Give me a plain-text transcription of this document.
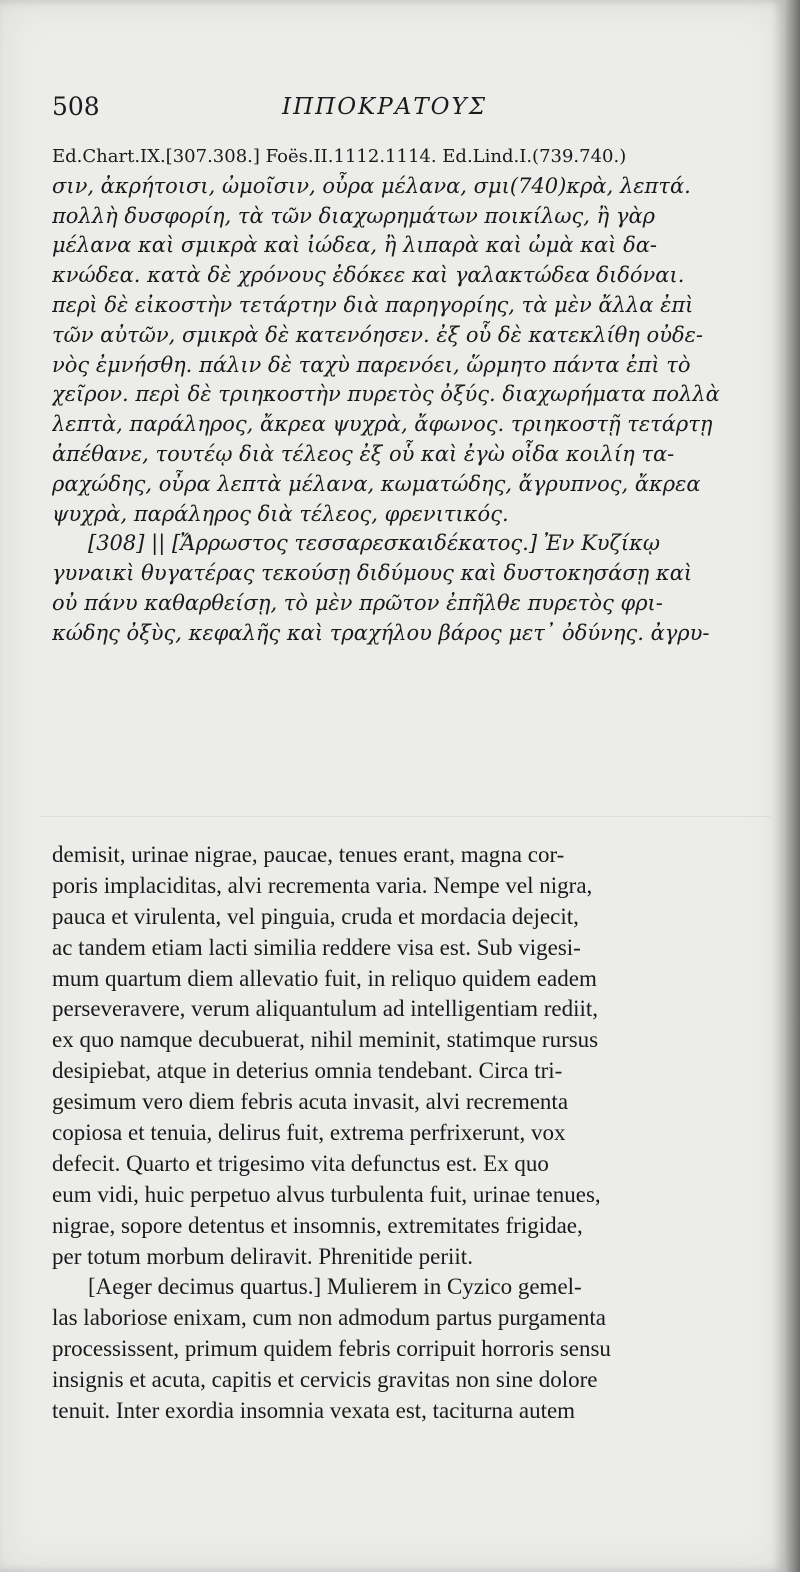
508	ΙΠΠΟΚΡΑΤΟΥΣ
Ed.Chart.IX.[307.308.] Foës.II.1112.1114. Ed.Lind.I.(739.740.)
σιν, ἀκρήτοισι, ὠμοῖσιν, οὖρα μέλανα, σμι(740)κρὰ, λεπτά.
πολλὴ δυσφορίη, τὰ τῶν διαχωρημάτων ποικίλως, ἢ γὰρ
μέλανα καὶ σμικρὰ καὶ ἰώδεα, ἢ λιπαρὰ καὶ ὠμὰ καὶ δα-
κνώδεα. κατὰ δὲ χρόνους ἐδόκεε καὶ γαλακτώδεα διδόναι.
περὶ δὲ εἰκοστὴν τετάρτην διὰ παρηγορίης, τὰ μὲν ἄλλα ἐπὶ
τῶν αὐτῶν, σμικρὰ δὲ κατενόησεν. ἐξ οὗ δὲ κατεκλίθη οὐδε-
νὸς ἐμνήσθη. πάλιν δὲ ταχὺ παρενόει, ὥρμητο πάντα ἐπὶ τὸ
χεῖρον. περὶ δὲ τριηκοστὴν πυρετὸς ὀξύς. διαχωρήματα πολλὰ
λεπτὰ, παράληρος, ἄκρεα ψυχρὰ, ἄφωνος. τριηκοστῇ τετάρτῃ
ἀπέθανε, τουτέῳ διὰ τέλεος ἐξ οὗ καὶ ἐγὼ οἶδα κοιλίη τα-
ραχώδης, οὖρα λεπτὰ μέλανα, κωματώδης, ἄγρυπνος, ἄκρεα
ψυχρὰ, παράληρος διὰ τέλεος, φρενιτικός.
[308] || [Ἄρρωστος τεσσαρεσκαιδέκατος.] Ἐν Κυζίκῳ
γυναικὶ θυγατέρας τεκούσῃ διδύμους καὶ δυστοκησάσῃ καὶ
οὐ πάνυ καθαρθείσῃ, τὸ μὲν πρῶτον ἐπῆλθε πυρετὸς φρι-
κώδης ὀξὺς, κεφαλῆς καὶ τραχήλου βάρος μετ᾽ ὀδύνης. ἀγρυ-
demisit, urinae nigrae, paucae, tenues erant, magna cor-
poris implaciditas, alvi recrementa varia. Nempe vel nigra,
pauca et virulenta, vel pinguia, cruda et mordacia dejecit,
ac tandem etiam lacti similia reddere visa est. Sub vigesi-
mum quartum diem allevatio fuit, in reliquo quidem eadem
perseveravere, verum aliquantulum ad intelligentiam rediit,
ex quo namque decubuerat, nihil meminit, statimque rursus
desipiebat, atque in deterius omnia tendebant. Circa tri-
gesimum vero diem febris acuta invasit, alvi recrementa
copiosa et tenuia, delirus fuit, extrema perfrixerunt, vox
defecit. Quarto et trigesimo vita defunctus est. Ex quo
eum vidi, huic perpetuo alvus turbulenta fuit, urinae tenues,
nigrae, sopore detentus et insomnis, extremitates frigidae,
per totum morbum deliravit. Phrenitide periit.
[Aeger decimus quartus.] Mulierem in Cyzico gemel-
las laboriose enixam, cum non admodum partus purgamenta
processissent, primum quidem febris corripuit horroris sensu
insignis et acuta, capitis et cervicis gravitas non sine dolore
tenuit. Inter exordia insomnia vexata est, taciturna autem
